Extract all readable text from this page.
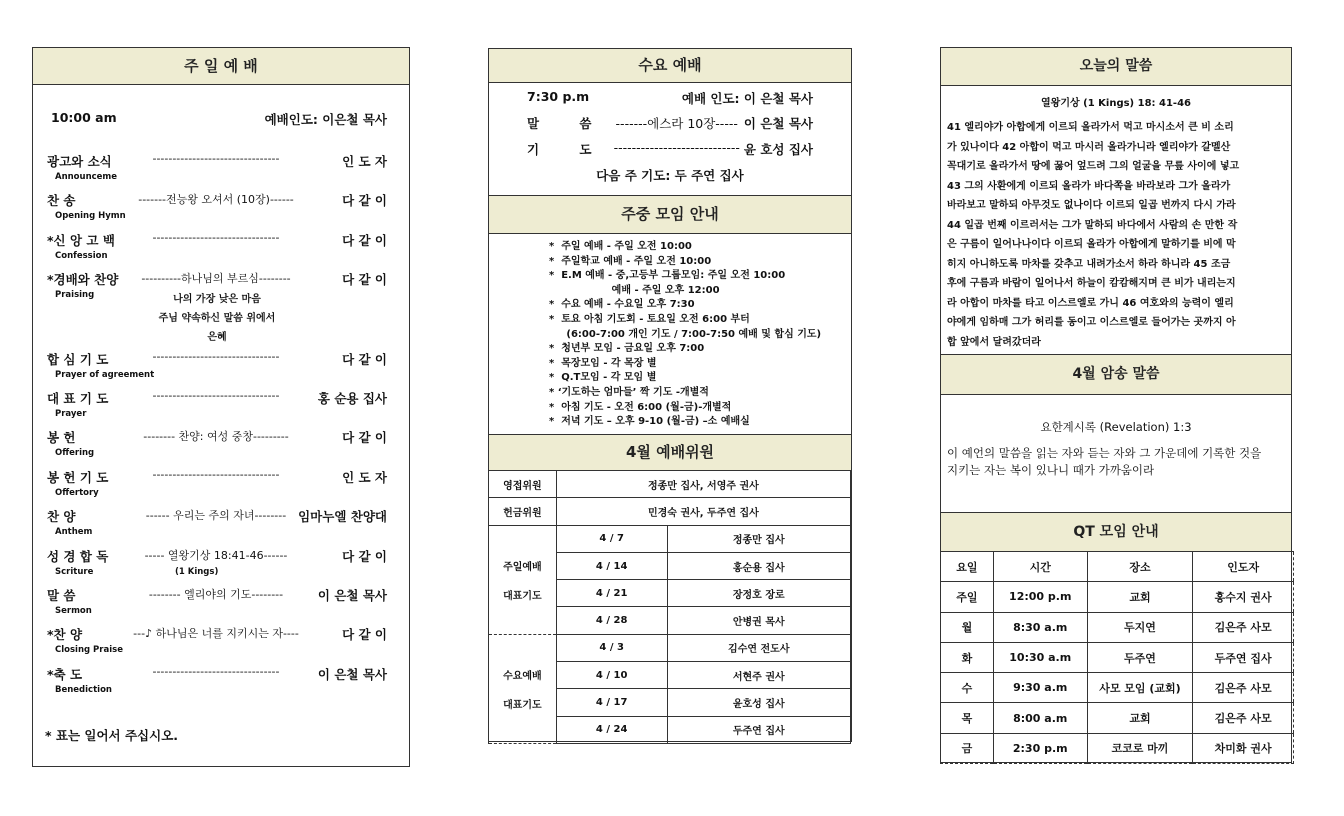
주 일 예 배
10:00 am	예배인도: 이은철 목사
광고와 소식	--------------------------------	인 도 자
Announceme
찬 송	-------전능왕 오셔서 (10장)------	다 같 이
Opening Hymn
*신 앙 고 백	--------------------------------	다 같 이
Confession
*경배와 찬양	----------하나님의 부르심--------	다 같 이
Praising	나의 가장 낮은 마음
주님 약속하신 말씀 위에서
은혜
합 심 기 도	--------------------------------	다 같 이
Prayer of agreement
대 표 기 도	--------------------------------	홍 순용 집사
Prayer
봉 헌	-------- 찬양: 여성 중창---------	다 같 이
Offering
봉 헌 기 도	--------------------------------	인 도 자
Offertory
찬 양	------ 우리는 주의 자녀-------- 임마누엘 찬양대
Anthem
성 경 합 독	----- 열왕기상 18:41-46------	다 같 이
Scriture	(1 Kings)
말 씀	-------- 엘리야의 기도--------	이 은철 목사
Sermon
*찬 양	---♪ 하나님은 너를 지키시는 자----	다 같 이
Closing Praise
*축 도	--------------------------------	이 은철 목사
Benediction
* 표는 일어서 주십시오.
수요 예배
7:30 p.m	예배 인도: 이 은철 목사
말 씀 -------에스라 10장----- 이 은철 목사
기 도 ---------------------------- 윤 호성 집사
다음 주 기도: 두 주연 집사
주중 모임 안내
*  주일 예배 - 주일 오전 10:00
*  주일학교 예배 - 주일 오전 10:00
*  E.M 예배 - 중,고등부 그룹모임: 주일 오전 10:00
예배 - 주일 오후 12:00
*  수요 예배 - 수요일 오후 7:30
*  토요 아침 기도회 - 토요일 오전 6:00 부터
(6:00-7:00 개인 기도 / 7:00-7:50 예배 및 합심 기도)
*  청년부 모임 - 금요일 오후 7:00
*  목장모임 - 각 목장 별
*  Q.T모임 - 각 모임 별
* ‘기도하는 엄마들’ 짝 기도 -개별적
*  아침 기도 - 오전 6:00 (월-금)-개별적
*  저녁 기도 – 오후 9-10 (월-금) –소 예배실
4월 예배위원
영접위원	정종만 집사, 서영주 권사	
헌금위원	민경숙 권사, 두주연 집사	

주일예배
대표기도	4 / 7	정종만 집사
	4 / 14	홍순용 집사
	4 / 21	장정호 장로
	4 / 28	안병권 목사

수요예배
대표기도	4 / 3	김수연 전도사
	4 / 10	서현주 권사
	4 / 17	윤호성 집사
	4 / 24	두주연 집사
오늘의 말씀
열왕기상 (1 Kings) 18: 41-46
41 엘리야가 아합에게 이르되 올라가서 먹고 마시소서 큰 비 소리
가 있나이다 42 아합이 먹고 마시러 올라가니라 엘리야가 갈멜산
꼭대기로 올라가서 땅에 꿇어 엎드려 그의 얼굴을 무릎 사이에 넣고
43 그의 사환에게 이르되 올라가 바다쪽을 바라보라 그가 올라가
바라보고 말하되 아무것도 없나이다 이르되 일곱 번까지 다시 가라
44 일곱 번째 이르러서는 그가 말하되 바다에서 사람의 손 만한 작
은 구름이 일어나나이다 이르되 올라가 아합에게 말하기를 비에 막
히지 아니하도록 마차를 갖추고 내려가소서 하라 하니라 45 조금
후에 구름과 바람이 일어나서 하늘이 캄캄해지며 큰 비가 내리는지
라 아합이 마차를 타고 이스르엘로 가니 46 여호와의 능력이 엘리
야에게 임하매 그가 허리를 동이고 이스르엘로 들어가는 곳까지 아
합 앞에서 달려갔더라
4월 암송 말씀
요한계시록 (Revelation) 1:3
이 예언의 말씀을 읽는 자와 듣는 자와 그 가운데에 기록한 것을
지키는 자는 복이 있나니 때가 가까움이라
QT 모임 안내
요일	시간	장소	인도자
주일	12:00 p.m	교회	홍수지 권사
월	8:30 a.m	두지연	김은주 사모
화	10:30 a.m	두주연	두주연 집사
수	9:30 a.m	사모 모임 (교회)	김은주 사모
목	8:00 a.m	교회	김은주 사모
금	2:30 p.m	코코로 마끼	차미화 권사
